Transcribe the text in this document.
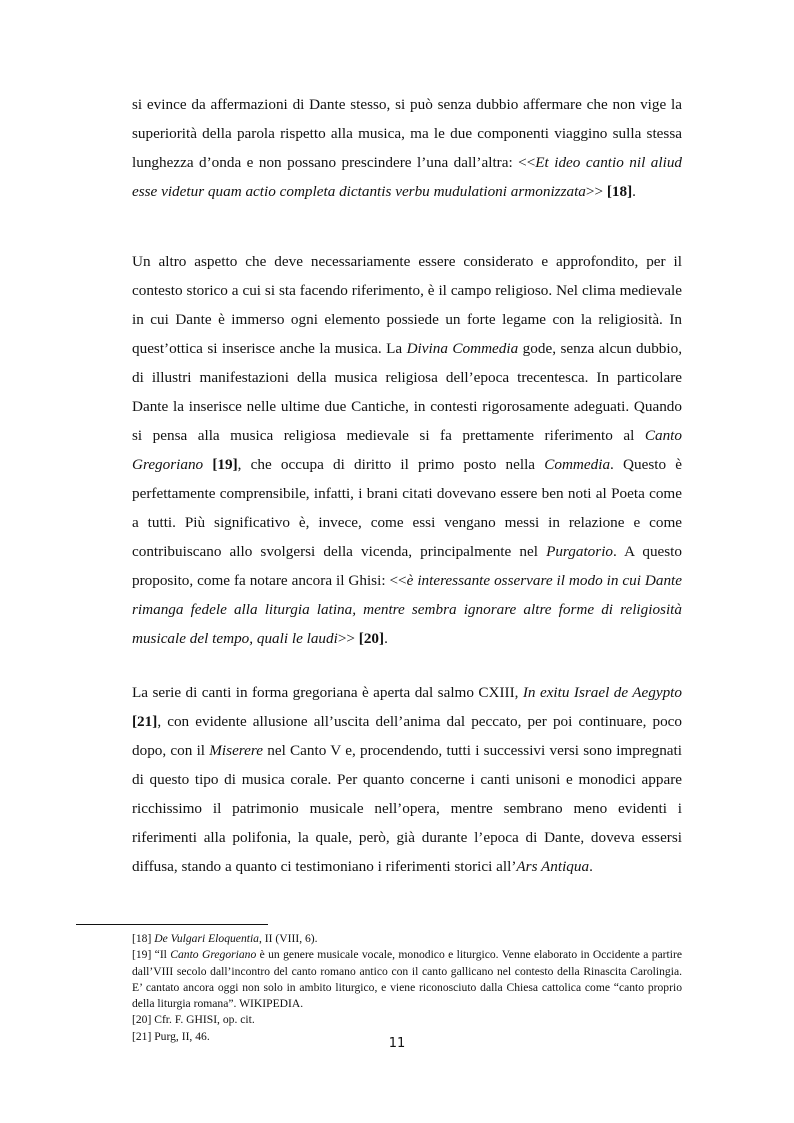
si evince da affermazioni di Dante stesso, si può senza dubbio affermare che non vige la superiorità della parola rispetto alla musica, ma le due componenti viaggino sulla stessa lunghezza d’onda e non possano prescindere l’una dall’altra: <<Et ideo cantio nil aliud esse videtur quam actio completa dictantis verbu mudulationi armonizzata>> [18].

Un altro aspetto che deve necessariamente essere considerato e approfondito, per il contesto storico a cui si sta facendo riferimento, è il campo religioso. Nel clima medievale in cui Dante è immerso ogni elemento possiede un forte legame con la religiosità. In quest’ottica si inserisce anche la musica. La Divina Commedia gode, senza alcun dubbio, di illustri manifestazioni della musica religiosa dell’epoca trecentesca. In particolare Dante la inserisce nelle ultime due Cantiche, in contesti rigorosamente adeguati. Quando si pensa alla musica religiosa medievale si fa prettamente riferimento al Canto Gregoriano [19], che occupa di diritto il primo posto nella Commedia. Questo è perfettamente comprensibile, infatti, i brani citati dovevano essere ben noti al Poeta come a tutti. Più significativo è, invece, come essi vengano messi in relazione e come contribuiscano allo svolgersi della vicenda, principalmente nel Purgatorio. A questo proposito, come fa notare ancora il Ghisi: <<è interessante osservare il modo in cui Dante rimanga fedele alla liturgia latina, mentre sembra ignorare altre forme di religiosità musicale del tempo, quali le laudi>> [20].

La serie di canti in forma gregoriana è aperta dal salmo CXIII, In exitu Israel de Aegypto [21], con evidente allusione all’uscita dell’anima dal peccato, per poi continuare, poco dopo, con il Miserere nel Canto V e, procendendo, tutti i successivi versi sono impregnati di questo tipo di musica corale. Per quanto concerne i canti unisoni e monodici appare ricchissimo il patrimonio musicale nell’opera, mentre sembrano meno evidenti i riferimenti alla polifonia, la quale, però, già durante l’epoca di Dante, doveva essersi diffusa, stando a quanto ci testimoniano i riferimenti storici all’Ars Antiqua.

[18] De Vulgari Eloquentia, II (VIII, 6).
[19] “Il Canto Gregoriano è un genere musicale vocale, monodico e liturgico. Venne elaborato in Occidente a partire dall’VIII secolo dall’incontro del canto romano antico con il canto gallicano nel contesto della Rinascita Carolingia. E’ cantato ancora oggi non solo in ambito liturgico, e viene riconosciuto dalla Chiesa cattolica come “canto proprio della liturgia romana”. WIKIPEDIA.
[20] Cfr. F. GHISI, op. cit.
[21] Purg, II, 46.	11
